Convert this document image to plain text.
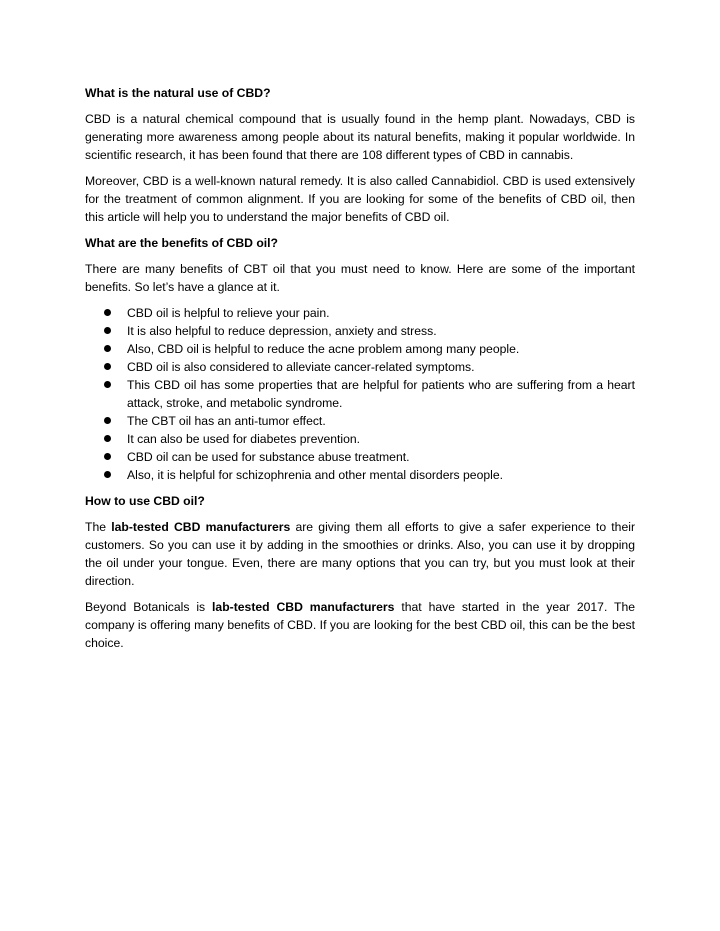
What is the natural use of CBD?

CBD is a natural chemical compound that is usually found in the hemp plant. Nowadays, CBD is generating more awareness among people about its natural benefits, making it popular worldwide. In scientific research, it has been found that there are 108 different types of CBD in cannabis.

Moreover, CBD is a well-known natural remedy. It is also called Cannabidiol. CBD is used extensively for the treatment of common alignment. If you are looking for some of the benefits of CBD oil, then this article will help you to understand the major benefits of CBD oil.

What are the benefits of CBD oil?

There are many benefits of CBT oil that you must need to know. Here are some of the important benefits. So let’s have a glance at it.

CBD oil is helpful to relieve your pain.
It is also helpful to reduce depression, anxiety and stress.
Also, CBD oil is helpful to reduce the acne problem among many people.
CBD oil is also considered to alleviate cancer-related symptoms.
This CBD oil has some properties that are helpful for patients who are suffering from a heart attack, stroke, and metabolic syndrome.
The CBT oil has an anti-tumor effect.
It can also be used for diabetes prevention.
CBD oil can be used for substance abuse treatment.
Also, it is helpful for schizophrenia and other mental disorders people.
How to use CBD oil?

The lab-tested CBD manufacturers are giving them all efforts to give a safer experience to their customers. So you can use it by adding in the smoothies or drinks. Also, you can use it by dropping the oil under your tongue. Even, there are many options that you can try, but you must look at their direction.

Beyond Botanicals is lab-tested CBD manufacturers that have started in the year 2017. The company is offering many benefits of CBD. If you are looking for the best CBD oil, this can be the best choice.
